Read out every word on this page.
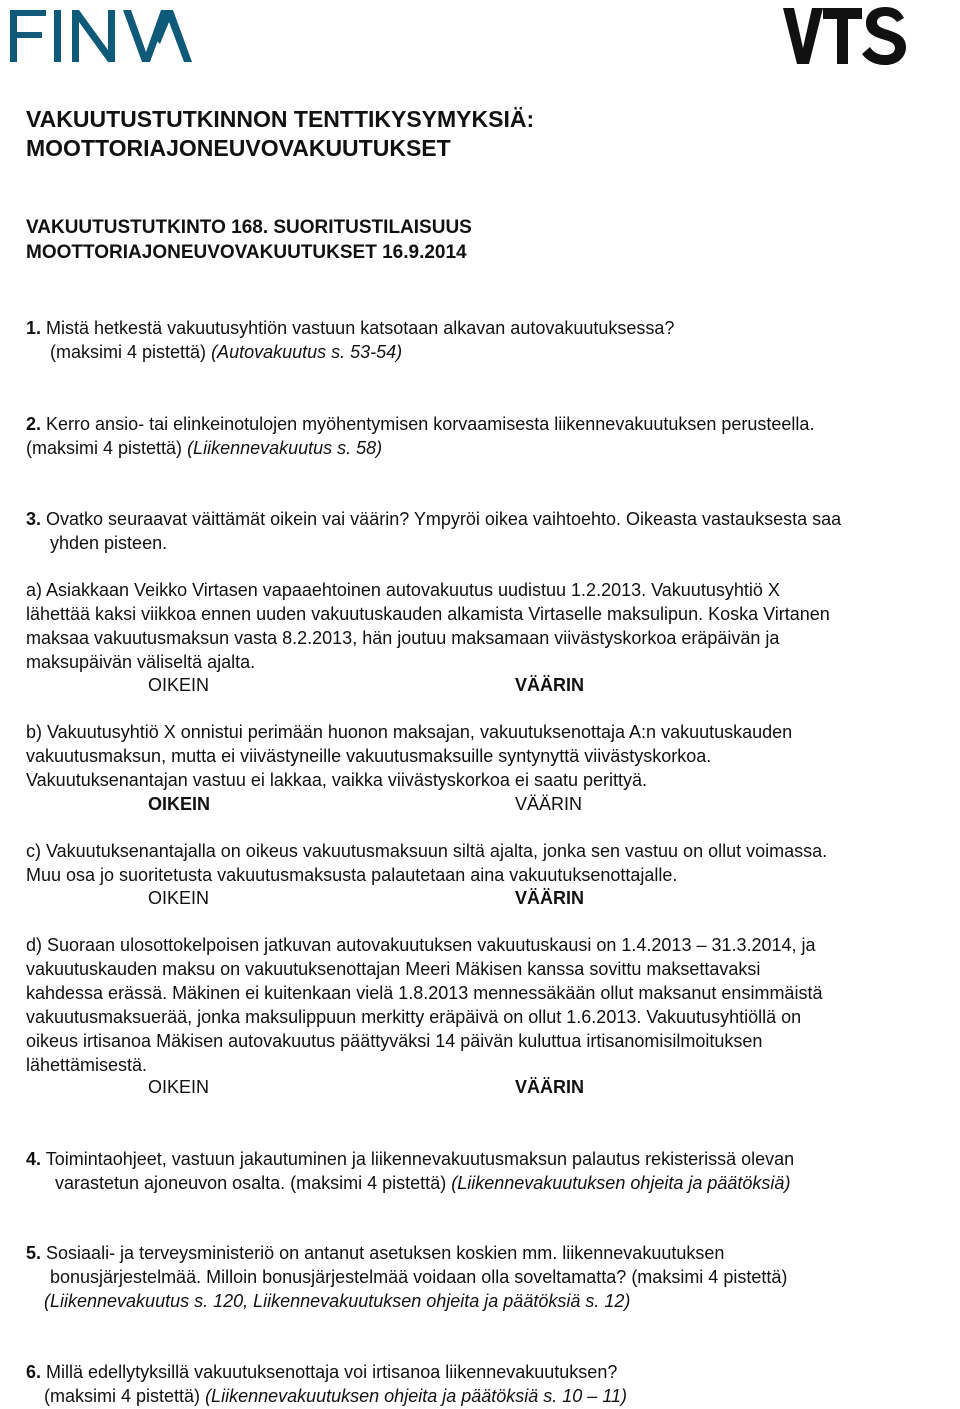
VAKUUTUSTUTKINNON TENTTIKYSYMYKSIÄ:
MOOTTORIAJONEUVOVAKUUTUKSET
VAKUUTUSTUTKINTO 168. SUORITUSTILAISUUS
MOOTTORIAJONEUVOVAKUUTUKSET 16.9.2014

1. Mistä hetkestä vakuutusyhtiön vastuun katsotaan alkavan autovakuutuksessa?

(maksimi 4 pistettä) (Autovakuutus s. 53-54)

2. Kerro ansio- tai elinkeinotulojen myöhentymisen korvaamisesta liikennevakuutuksen perusteella.

(maksimi 4 pistettä) (Liikennevakuutus s. 58)

3. Ovatko seuraavat väittämät oikein vai väärin? Ympyröi oikea vaihtoehto. Oikeasta vastauksesta saa

yhden pisteen.

a) Asiakkaan Veikko Virtasen vapaaehtoinen autovakuutus uudistuu 1.2.2013. Vakuutusyhtiö X

lähettää kaksi viikkoa ennen uuden vakuutuskauden alkamista Virtaselle maksulipun. Koska Virtanen

maksaa vakuutusmaksun vasta 8.2.2013, hän joutuu maksamaan viivästyskorkoa eräpäivän ja

maksupäivän väliseltä ajalta.

OIKEIN	VÄÄRIN

b) Vakuutusyhtiö X onnistui perimään huonon maksajan, vakuutuksenottaja A:n vakuutuskauden

vakuutusmaksun, mutta ei viivästyneille vakuutusmaksuille syntynyttä viivästyskorkoa.

Vakuutuksenantajan vastuu ei lakkaa, vaikka viivästyskorkoa ei saatu perittyä.

OIKEIN	VÄÄRIN

c) Vakuutuksenantajalla on oikeus vakuutusmaksuun siltä ajalta, jonka sen vastuu on ollut voimassa.

Muu osa jo suoritetusta vakuutusmaksusta palautetaan aina vakuutuksenottajalle.

OIKEIN	VÄÄRIN

d) Suoraan ulosottokelpoisen jatkuvan autovakuutuksen vakuutuskausi on 1.4.2013 – 31.3.2014, ja

vakuutuskauden maksu on vakuutuksenottajan Meeri Mäkisen kanssa sovittu maksettavaksi

kahdessa erässä. Mäkinen ei kuitenkaan vielä 1.8.2013 mennessäkään ollut maksanut ensimmäistä

vakuutusmaksuerää, jonka maksulippuun merkitty eräpäivä on ollut 1.6.2013. Vakuutusyhtiöllä on

oikeus irtisanoa Mäkisen autovakuutus päättyväksi 14 päivän kuluttua irtisanomisilmoituksen

lähettämisestä.

OIKEIN	VÄÄRIN

4. Toimintaohjeet, vastuun jakautuminen ja liikennevakuutusmaksun palautus rekisterissä olevan

varastetun ajoneuvon osalta. (maksimi 4 pistettä) (Liikennevakuutuksen ohjeita ja päätöksiä)

5. Sosiaali- ja terveysministeriö on antanut asetuksen koskien mm. liikennevakuutuksen

bonusjärjestelmää. Milloin bonusjärjestelmää voidaan olla soveltamatta? (maksimi 4 pistettä)

(Liikennevakuutus s. 120, Liikennevakuutuksen ohjeita ja päätöksiä s. 12)

6. Millä edellytyksillä vakuutuksenottaja voi irtisanoa liikennevakuutuksen?

(maksimi 4 pistettä) (Liikennevakuutuksen ohjeita ja päätöksiä s. 10 – 11)
